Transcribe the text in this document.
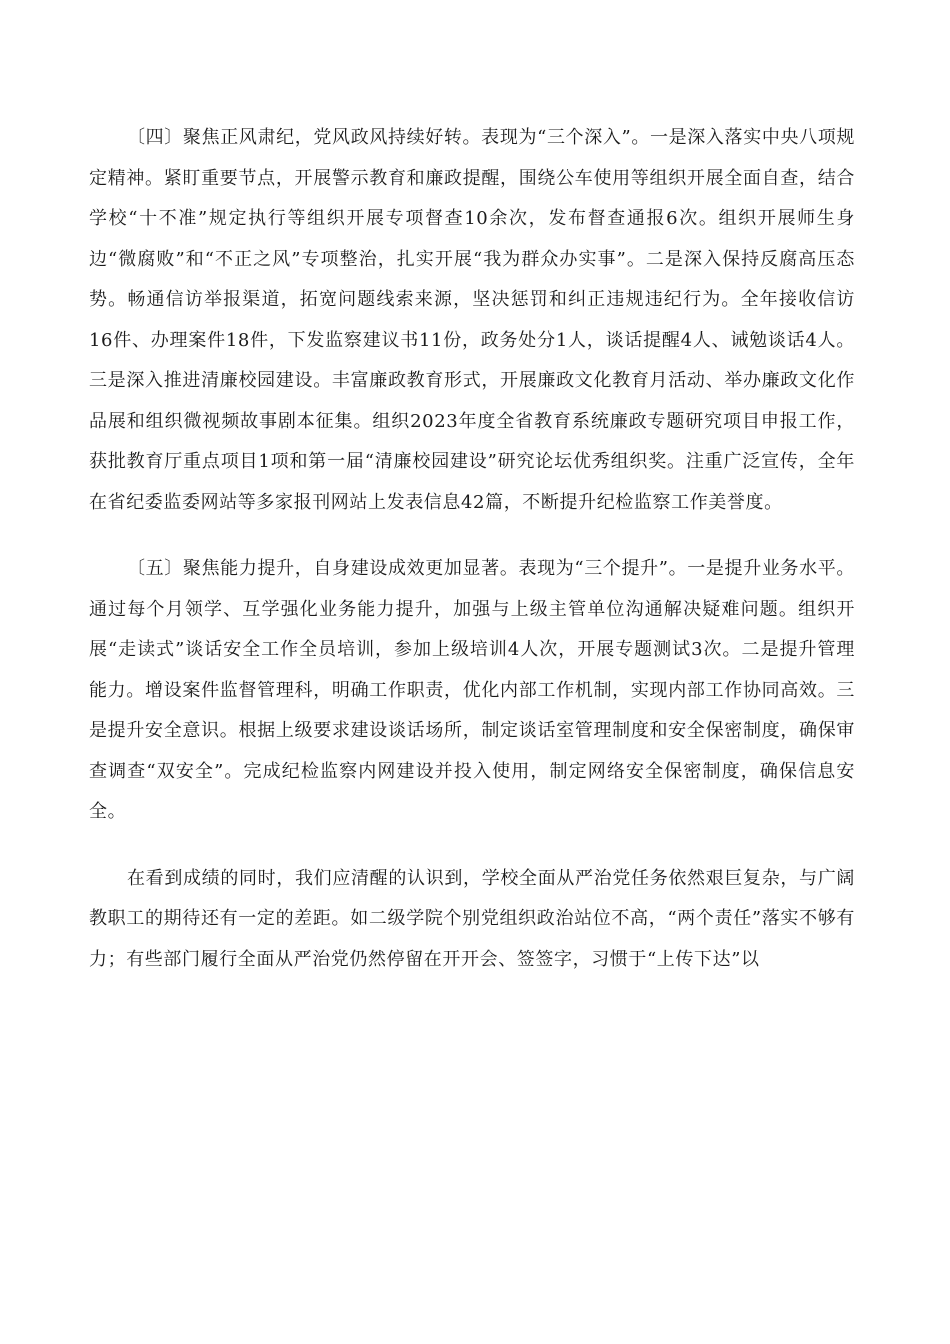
〔四〕聚焦正风肃纪，党风政风持续好转。表现为“三个深入”。一是深入落实中央八项规定精神。紧盯重要节点，开展警示教育和廉政提醒，围绕公车使用等组织开展全面自查，结合学校“十不准”规定执行等组织开展专项督查10余次，发布督查通报6次。组织开展师生身边“微腐败”和“不正之风”专项整治，扎实开展“我为群众办实事”。二是深入保持反腐高压态势。畅通信访举报渠道，拓宽问题线索来源，坚决惩罚和纠正违规违纪行为。全年接收信访16件、办理案件18件，下发监察建议书11份，政务处分1人，谈话提醒4人、诫勉谈话4人。三是深入推进清廉校园建设。丰富廉政教育形式，开展廉政文化教育月活动、举办廉政文化作品展和组织微视频故事剧本征集。组织2023年度全省教育系统廉政专题研究项目申报工作，获批教育厅重点项目1项和第一届“清廉校园建设”研究论坛优秀组织奖。注重广泛宣传，全年在省纪委监委网站等多家报刊网站上发表信息42篇，不断提升纪检监察工作美誉度。

〔五〕聚焦能力提升，自身建设成效更加显著。表现为“三个提升”。一是提升业务水平。通过每个月领学、互学强化业务能力提升，加强与上级主管单位沟通解决疑难问题。组织开展“走读式”谈话安全工作全员培训，参加上级培训4人次，开展专题测试3次。二是提升管理能力。增设案件监督管理科，明确工作职责，优化内部工作机制，实现内部工作协同高效。三是提升安全意识。根据上级要求建设谈话场所，制定谈话室管理制度和安全保密制度，确保审查调查“双安全”。完成纪检监察内网建设并投入使用，制定网络安全保密制度，确保信息安全。

在看到成绩的同时，我们应清醒的认识到，学校全面从严治党任务依然艰巨复杂，与广阔教职工的期待还有一定的差距。如二级学院个别党组织政治站位不高，“两个责任”落实不够有力；有些部门履行全面从严治党仍然停留在开开会、签签字，习惯于“上传下达”以
